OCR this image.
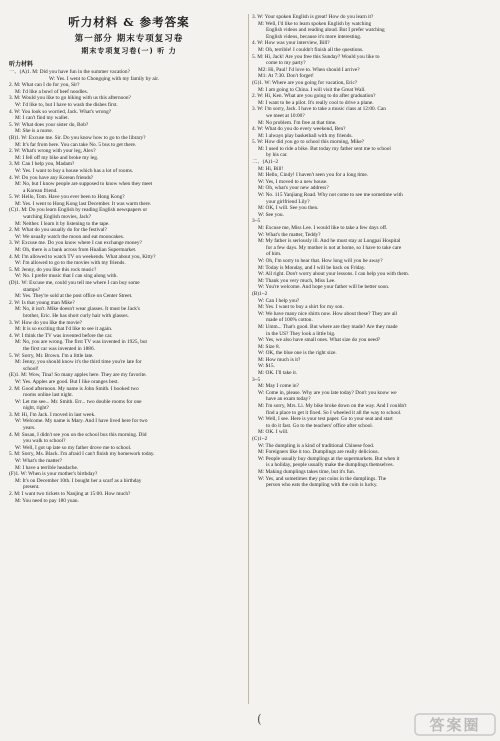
听力材料 & 参考答案
第一部分 期末专项复习卷
期末专项复习卷(一) 听 力
听力材料
一、(A)1. M: Did you have fun in the summer vacation?
W: Yes. I went to Chongqing with my family by air.
2. M: What can I do for you, Sir?
M: I'd like a bowl of beef noodles.
3. M: Would you like to go hiking with us this afternoon?
W: I'd like to, but I have to wash the dishes first.
4. W: You look so worried, Jack. What's wrong?
M: I can't find my wallet.
5. W: What does your sister do, Bob?
M: She is a nurse.
(B)1. W: Excuse me. Sir. Do you know how to go to the library?
M: It's far from here. You can take No. 5 bus to get there.
2. W: What's wrong with your leg, Alex?
M: I fell off my bike and broke my leg.
3. M: Can I help you, Madam?
W: Yes. I want to buy a house which has a lot of rooms.
4. W: Do you have any Korean friends?
M: No, but I know people are supposed to know when they meet
a Korean friend.
5. W: Hello, Tom. Have you ever been to Hong Kong?
M: Yes. I went to Hong Kong last December. It was warm there.
(C)1. M: Do you learn English by reading English newspapers or
watching English movies, Jack?
M: Neither. I learn it by listening to the tape.
2. M: What do you usually do for the festival?
W: We usually watch the moon and eat mooncakes.
3. W: Excuse me. Do you know where I can exchange money?
M: Oh, there is a bank across from Hualian Supermarket.
4. M: I'm allowed to watch TV on weekends. What about you, Kitty?
W: I'm allowed to go to the movies with my friends.
5. M: Jenny, do you like this rock music?
W: No. I prefer music that I can sing along with.
(D)1. W: Excuse me, could you tell me where I can buy some
stamps?
M: Yes. They're sold at the post office on Center Street.
2. W: Is that young man Mike?
M: No, it isn't. Mike doesn't wear glasses. It must be Jack's
brother, Eric. He has short curly hair with glasses.
3. W: How do you like the movie?
M: It is so exciting that I'd like to see it again.
4. W: I think the TV was invented before the car.
M: No, you are wrong. The first TV was invented in 1925, but
the first car was invented in 1886.
5. W: Sorry, Mr. Brown. I'm a little late.
M: Jenny, you should know it's the third time you're late for
school!
(E)1. M: Wow, Tina! So many apples here. They are my favorite.
W: Yes. Apples are good. But I like oranges best.
2. M: Good afternoon. My name is John Smith. I booked two
rooms online last night.
W: Let me see... Mr. Smith. Err... two double rooms for one
night, right?
3. M: Hi, I'm Jack. I moved in last week.
W: Welcome. My name is Mary. And I have lived here for two
years.
4. M: Susan, I didn't see you on the school bus this morning. Did
you walk to school?
W: Well, I got up late so my father drove me to school.
5. M: Sorry, Ms. Black. I'm afraid I can't finish my homework today.
W: What's the matter?
M: I have a terrible headache.
(F)1. W: When is your mother's birthday?
M: It's on December 10th. I bought her a scarf as a birthday
present.
2. M: I want two tickets to Nanjing at 15:00. How much?
M: You need to pay 180 yuan.
3. W: Your spoken English is great! How do you learn it?
M: Well, I'd like to learn spoken English by watching
English videos and reading aloud. But I prefer watching
English videos, because it's more interesting.
4. W: How was your interview, Bill?
M: Oh, terrible! I couldn't finish all the questions.
5. M: Hi, Jack! Are you free this Sunday? Would you like to
come to my party?
M2: Hi, Paul! I'd love to. When should I arrive?
M1: At 7:30. Don't forget!
(G)1. W: Where are you going for vacation, Eric?
M: I am going to China. I will visit the Great Wall.
2. W: Hi, Ken. What are you going to do after graduation?
M: I want to be a pilot. It's really cool to drive a plane.
3. W: I'm sorry, Jack. I have to take a music class at 12:00. Can
we meet at 10:00?
M: No problem. I'm free at that time.
4. W: What do you do every weekend, Ben?
M: I always play basketball with my friends.
5. W: How did you go to school this morning, Mike?
M: I used to ride a bike. But today my father sent me to school
by his car.
二、(A)1~2
M: Hi, Bill!
M: Hello, Cindy! I haven't seen you for a long time.
W: Yes, I moved to a new house.
M: Oh, what's your new address?
W: No. 115 Yanjiang Road. Why not come to see me sometime with
your girlfriend Lily?
M: OK, I will. See you then.
W: See you.
3~5
M: Excuse me, Miss Lee. I would like to take a few days off.
W: What's the matter, Teddy?
M: My father is seriously ill. And he must stay at Longpai Hospital
for a few days. My mother is not at home, so I have to take care
of him.
W: Oh, I'm sorry to hear that. How long will you be away?
M: Today is Monday, and I will be back on Friday.
W: All right. Don't worry about your lessons. I can help you with them.
M: Thank you very much, Miss Lee.
W: You're welcome. And hope your father will be better soon.
(B)1~2
W: Can I help you?
M: Yes. I want to buy a shirt for my son.
W: We have many nice shirts now. How about these? They are all
made of 100% cotton.
M: Umm... That's good. But where are they made? Are they made
in the US? They look a little big.
W: Yes, we also have small ones. What size do you need?
M: Size 8.
W: OK, the blue one is the right size.
M: How much is it?
W: $15.
M: OK. I'll take it.
3~5
M: May I come in?
W: Come in, please. Why are you late today? Don't you know we
have an exam today?
M: I'm sorry, Mrs. Li. My bike broke down on the way. And I couldn't
find a place to get it fixed. So I wheeled it all the way to school.
W: Well, I see. Here is your test paper. Go to your seat and start
to do it fast. Go to the teachers' office after school.
M: OK. I will.
(C)1~2
W: The dumpling is a kind of traditional Chinese food.
M: Foreigners like it too. Dumplings are really delicious.
W: People usually buy dumplings at the supermarkets. But when it
is a holiday, people usually make the dumplings themselves.
M: Making dumplings takes time, but it's fun.
W: Yes, and sometimes they put coins in the dumplings. The
person who eats the dumpling with the coin is lucky.
(	答案圈
